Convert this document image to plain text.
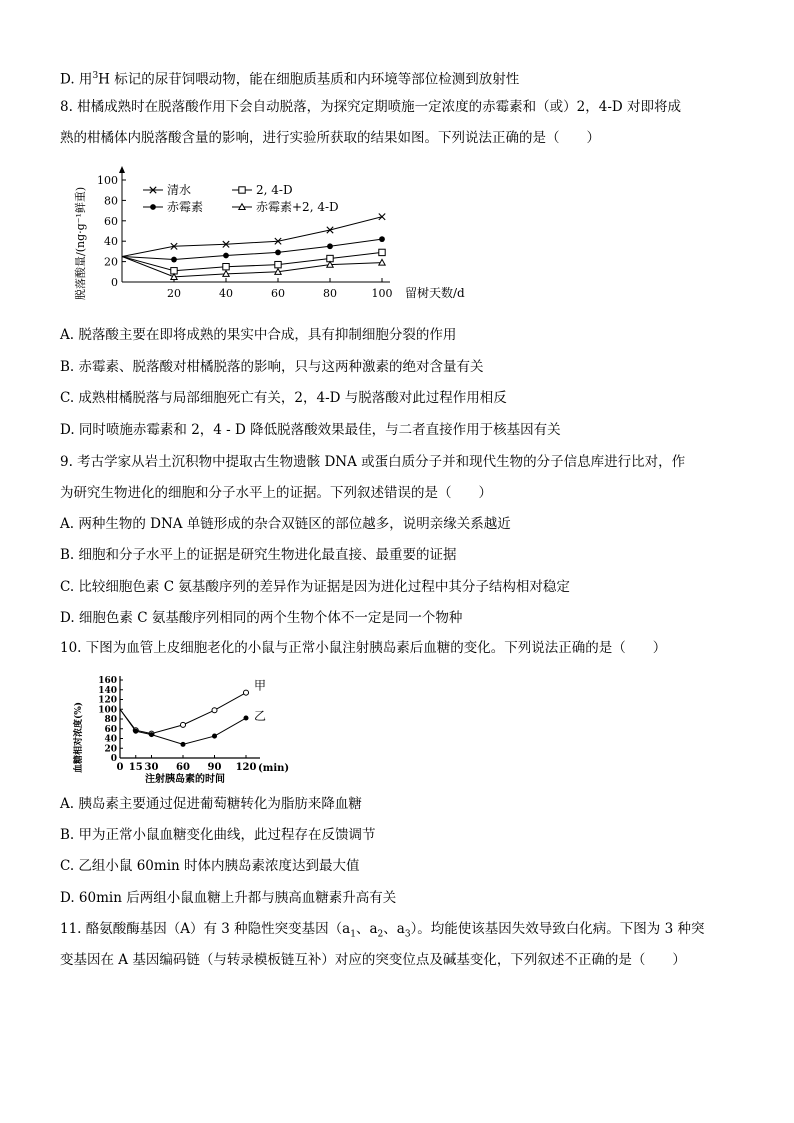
D. 用$^3$H 标记的尿苷饲喂动物，能在细胞质基质和内环境等部位检测到放射性
8. 柑橘成熟时在脱落酸作用下会自动脱落，为探究定期喷施一定浓度的赤霉素和（或）2，4-D 对即将成
熟的柑橘体内脱落酸含量的影响，进行实验所获取的结果如图。下列说法正确的是（　　）
脱落酸量/(ng·g⁻¹鲜重) 0
20
40
60
80
100
20	40	60	80	100
清水	2, 4-D
赤霉素	赤霉素+2, 4-D
留树天数/d
A. 脱落酸主要在即将成熟的果实中合成，具有抑制细胞分裂的作用
B. 赤霉素、脱落酸对柑橘脱落的影响，只与这两种激素的绝对含量有关
C. 成熟柑橘脱落与局部细胞死亡有关，2，4-D 与脱落酸对此过程作用相反
D. 同时喷施赤霉素和 2，4 - D 降低脱落酸效果最佳，与二者直接作用于核基因有关
9. 考古学家从岩土沉积物中提取古生物遗骸 DNA 或蛋白质分子并和现代生物的分子信息库进行比对，作
为研究生物进化的细胞和分子水平上的证据。下列叙述错误的是（　　）
A. 两种生物的 DNA 单链形成的杂合双链区的部位越多，说明亲缘关系越近
B. 细胞和分子水平上的证据是研究生物进化最直接、最重要的证据
C. 比较细胞色素 C 氨基酸序列的差异作为证据是因为进化过程中其分子结构相对稳定
D. 细胞色素 C 氨基酸序列相同的两个生物个体不一定是同一个物种
10. 下图为血管上皮细胞老化的小鼠与正常小鼠注射胰岛素后血糖的变化。下列说法正确的是（　　）
血糖相对浓度(%)	0
20
40
60
80
100
120
140
160
0 15 30 60 90 120
甲
乙
(min)
注射胰岛素的时间
A. 胰岛素主要通过促进葡萄糖转化为脂肪来降血糖
B. 甲为正常小鼠血糖变化曲线，此过程存在反馈调节
C. 乙组小鼠 60min 时体内胰岛素浓度达到最大值
D. 60min 后两组小鼠血糖上升都与胰高血糖素升高有关
11. 酪氨酸酶基因（A）有 3 种隐性突变基因（$a_1$、$a_2$、$a_3$）。均能使该基因失效导致白化病。下图为 3 种突
变基因在 A 基因编码链（与转录模板链互补）对应的突变位点及碱基变化，下列叙述不正确的是（　　）
